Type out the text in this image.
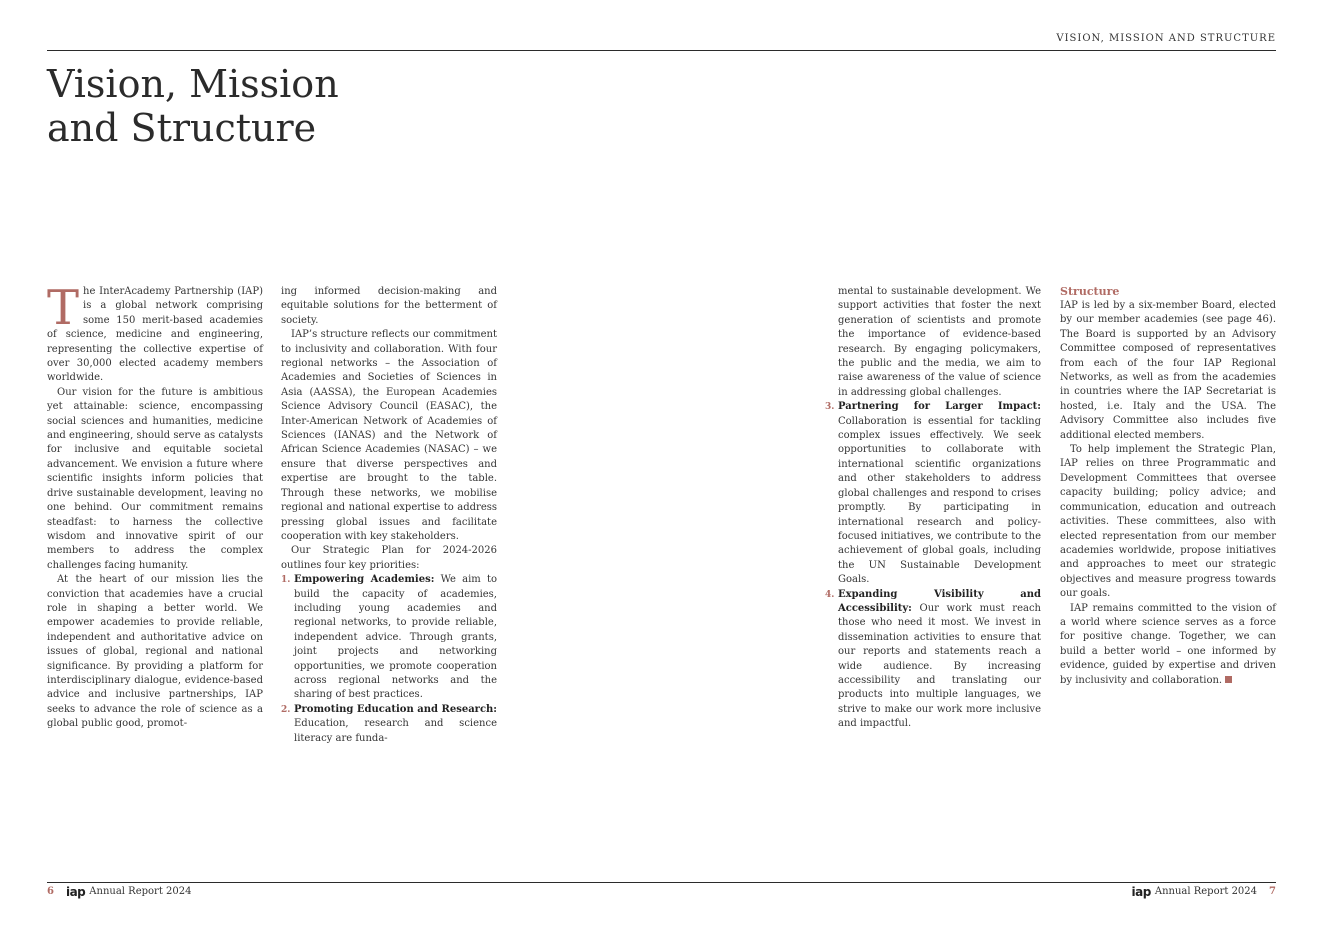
VISION, MISSION AND STRUCTURE
Vision, Mission
and Structure

The InterAcademy Partnership (IAP) is a global network comprising some 150 merit-based academies of science, medicine and engineering, representing the collective expertise of over 30,000 elected academy members worldwide.

Our vision for the future is ambitious yet attainable: science, encompassing social sciences and humanities, medicine and engineering, should serve as catalysts for inclusive and equitable societal advancement. We envision a future where scientific insights inform policies that drive sustainable development, leaving no one behind. Our commitment remains steadfast: to harness the collective wisdom and innovative spirit of our members to address the complex challenges facing humanity.

At the heart of our mission lies the conviction that academies have a crucial role in shaping a better world. We empower academies to provide reliable, independent and authoritative advice on issues of global, regional and national significance. By providing a platform for interdisciplinary dialogue, evidence-based advice and inclusive partnerships, IAP seeks to advance the role of science as a global public good, promot-

ing informed decision-making and equitable solutions for the betterment of society.

IAP’s structure reflects our commitment to inclusivity and collaboration. With four regional networks – the Association of Academies and Societies of Sciences in Asia (AASSA), the European Academies Science Advisory Council (EASAC), the Inter-American Network of Academies of Sciences (IANAS) and the Network of African Science Academies (NASAC) – we ensure that diverse perspectives and expertise are brought to the table. Through these networks, we mobilise regional and national expertise to address pressing global issues and facilitate cooperation with key stakeholders.

Our Strategic Plan for 2024-2026 outlines four key priorities:

1. Empowering Academies: We aim to build the capacity of academies, including young academies and regional networks, to provide reliable, independent advice. Through grants, joint projects and networking opportunities, we promote cooperation across regional networks and the sharing of best practices.
2. Promoting Education and Research: Education, research and science literacy are funda-
mental to sustainable development. We support activities that foster the next generation of scientists and promote the importance of evidence-based research. By engaging policymakers, the public and the media, we aim to raise awareness of the value of science in addressing global challenges.
3. Partnering for Larger Impact: Collaboration is essential for tackling complex issues effectively. We seek opportunities to collaborate with international scientific organizations and other stakeholders to address global challenges and respond to crises promptly. By participating in international research and policy-focused initiatives, we contribute to the achievement of global goals, including the UN Sustainable Development Goals.
4. Expanding Visibility and Accessibility: Our work must reach those who need it most. We invest in dissemination activities to ensure that our reports and statements reach a wide audience. By increasing accessibility and translating our products into multiple languages, we strive to make our work more inclusive and impactful.
Structure

IAP is led by a six-member Board, elected by our member academies (see page 46). The Board is supported by an Advisory Committee composed of representatives from each of the four IAP Regional Networks, as well as from the academies in countries where the IAP Secretariat is hosted, i.e. Italy and the USA. The Advisory Committee also includes five additional elected members.

To help implement the Strategic Plan, IAP relies on three Programmatic and Development Committees that oversee capacity building; policy advice; and communication, education and outreach activities. These committees, also with elected representation from our member academies worldwide, propose initiatives and approaches to meet our strategic objectives and measure progress towards our goals.

IAP remains committed to the vision of a world where science serves as a force for positive change. Together, we can build a better world – one informed by evidence, guided by expertise and driven by inclusivity and collaboration.

6 iap Annual Report 2024	iap Annual Report 2024 7
